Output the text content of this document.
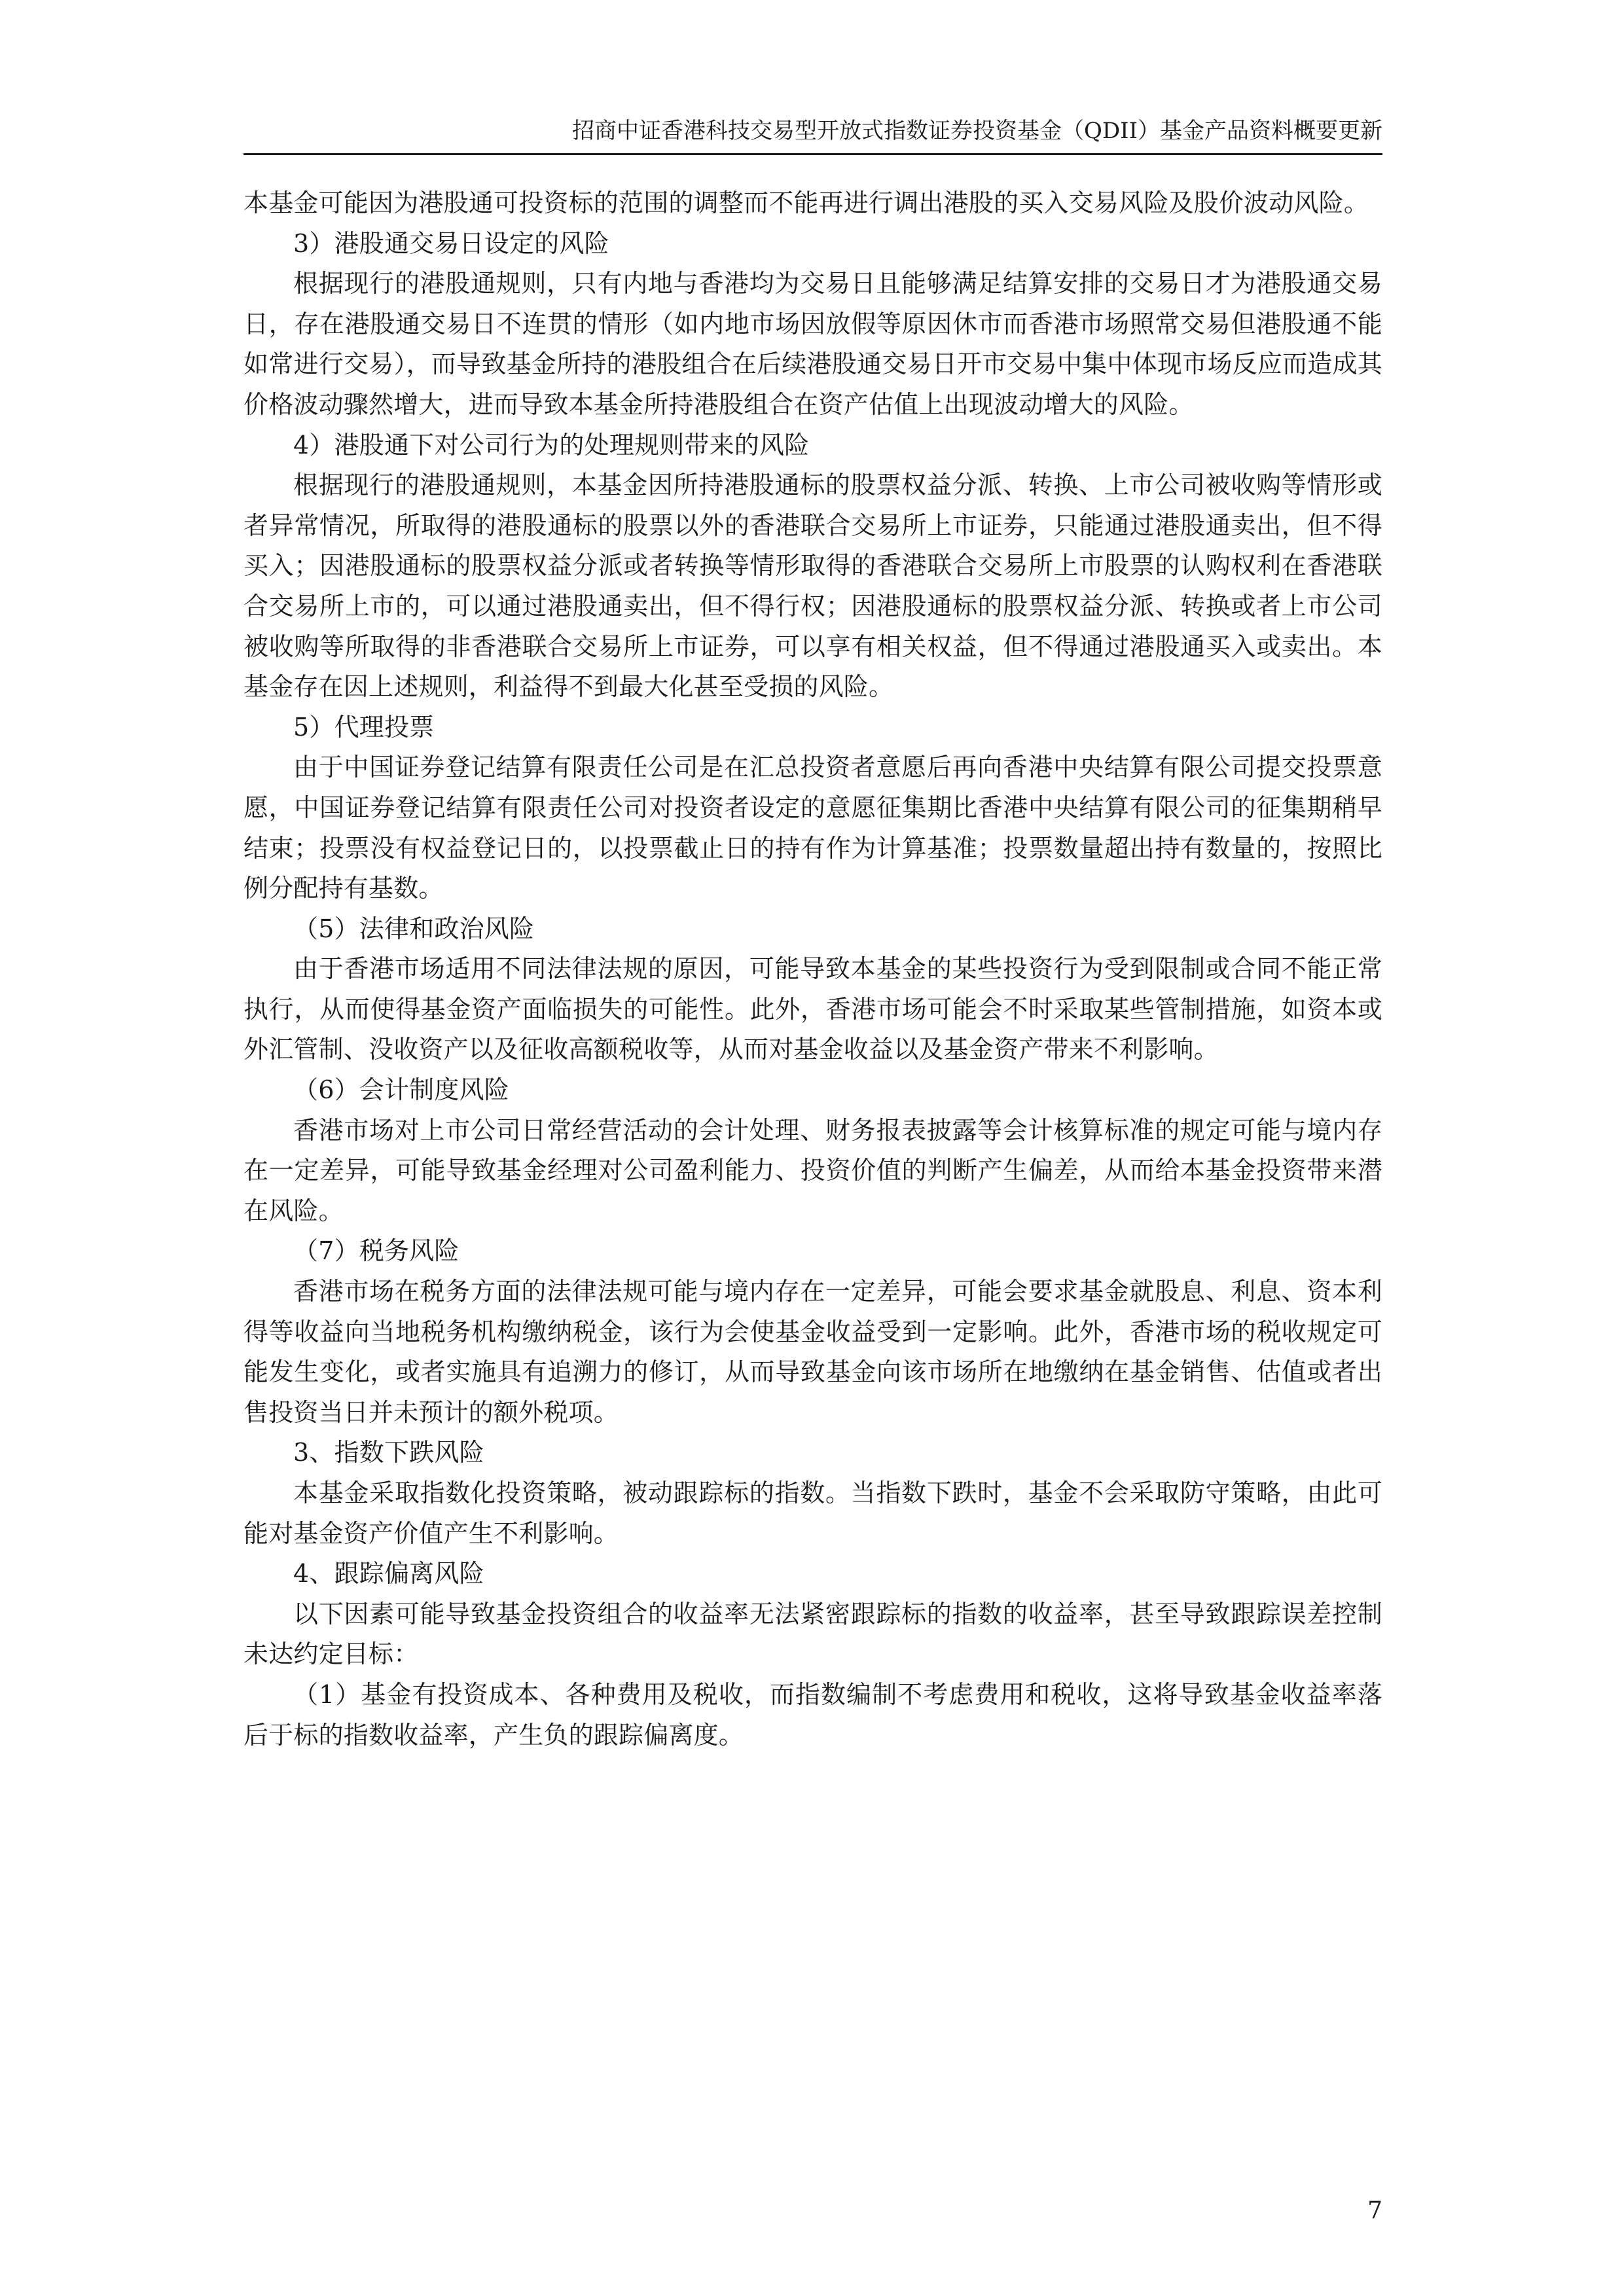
招商中证香港科技交易型开放式指数证券投资基金（QDII）基金产品资料概要更新

本基金可能因为港股通可投资标的范围的调整而不能再进行调出港股的买入交易风险及股价波动风险。

3）港股通交易日设定的风险

根据现行的港股通规则，只有内地与香港均为交易日且能够满足结算安排的交易日才为港股通交易日，存在港股通交易日不连贯的情形（如内地市场因放假等原因休市而香港市场照常交易但港股通不能如常进行交易），而导致基金所持的港股组合在后续港股通交易日开市交易中集中体现市场反应而造成其价格波动骤然增大，进而导致本基金所持港股组合在资产估值上出现波动增大的风险。

4）港股通下对公司行为的处理规则带来的风险

根据现行的港股通规则，本基金因所持港股通标的股票权益分派、转换、上市公司被收购等情形或者异常情况，所取得的港股通标的股票以外的香港联合交易所上市证券，只能通过港股通卖出，但不得买入；因港股通标的股票权益分派或者转换等情形取得的香港联合交易所上市股票的认购权利在香港联合交易所上市的，可以通过港股通卖出，但不得行权；因港股通标的股票权益分派、转换或者上市公司被收购等所取得的非香港联合交易所上市证券，可以享有相关权益，但不得通过港股通买入或卖出。本基金存在因上述规则，利益得不到最大化甚至受损的风险。

5）代理投票

由于中国证券登记结算有限责任公司是在汇总投资者意愿后再向香港中央结算有限公司提交投票意愿，中国证券登记结算有限责任公司对投资者设定的意愿征集期比香港中央结算有限公司的征集期稍早结束；投票没有权益登记日的，以投票截止日的持有作为计算基准；投票数量超出持有数量的，按照比例分配持有基数。

（5）法律和政治风险

由于香港市场适用不同法律法规的原因，可能导致本基金的某些投资行为受到限制或合同不能正常执行，从而使得基金资产面临损失的可能性。此外，香港市场可能会不时采取某些管制措施，如资本或外汇管制、没收资产以及征收高额税收等，从而对基金收益以及基金资产带来不利影响。

（6）会计制度风险

香港市场对上市公司日常经营活动的会计处理、财务报表披露等会计核算标准的规定可能与境内存在一定差异，可能导致基金经理对公司盈利能力、投资价值的判断产生偏差，从而给本基金投资带来潜在风险。

（7）税务风险

香港市场在税务方面的法律法规可能与境内存在一定差异，可能会要求基金就股息、利息、资本利得等收益向当地税务机构缴纳税金，该行为会使基金收益受到一定影响。此外，香港市场的税收规定可能发生变化，或者实施具有追溯力的修订，从而导致基金向该市场所在地缴纳在基金销售、估值或者出售投资当日并未预计的额外税项。

3、指数下跌风险

本基金采取指数化投资策略，被动跟踪标的指数。当指数下跌时，基金不会采取防守策略，由此可能对基金资产价值产生不利影响。

4、跟踪偏离风险

以下因素可能导致基金投资组合的收益率无法紧密跟踪标的指数的收益率，甚至导致跟踪误差控制未达约定目标：

（1）基金有投资成本、各种费用及税收，而指数编制不考虑费用和税收，这将导致基金收益率落后于标的指数收益率，产生负的跟踪偏离度。

7
